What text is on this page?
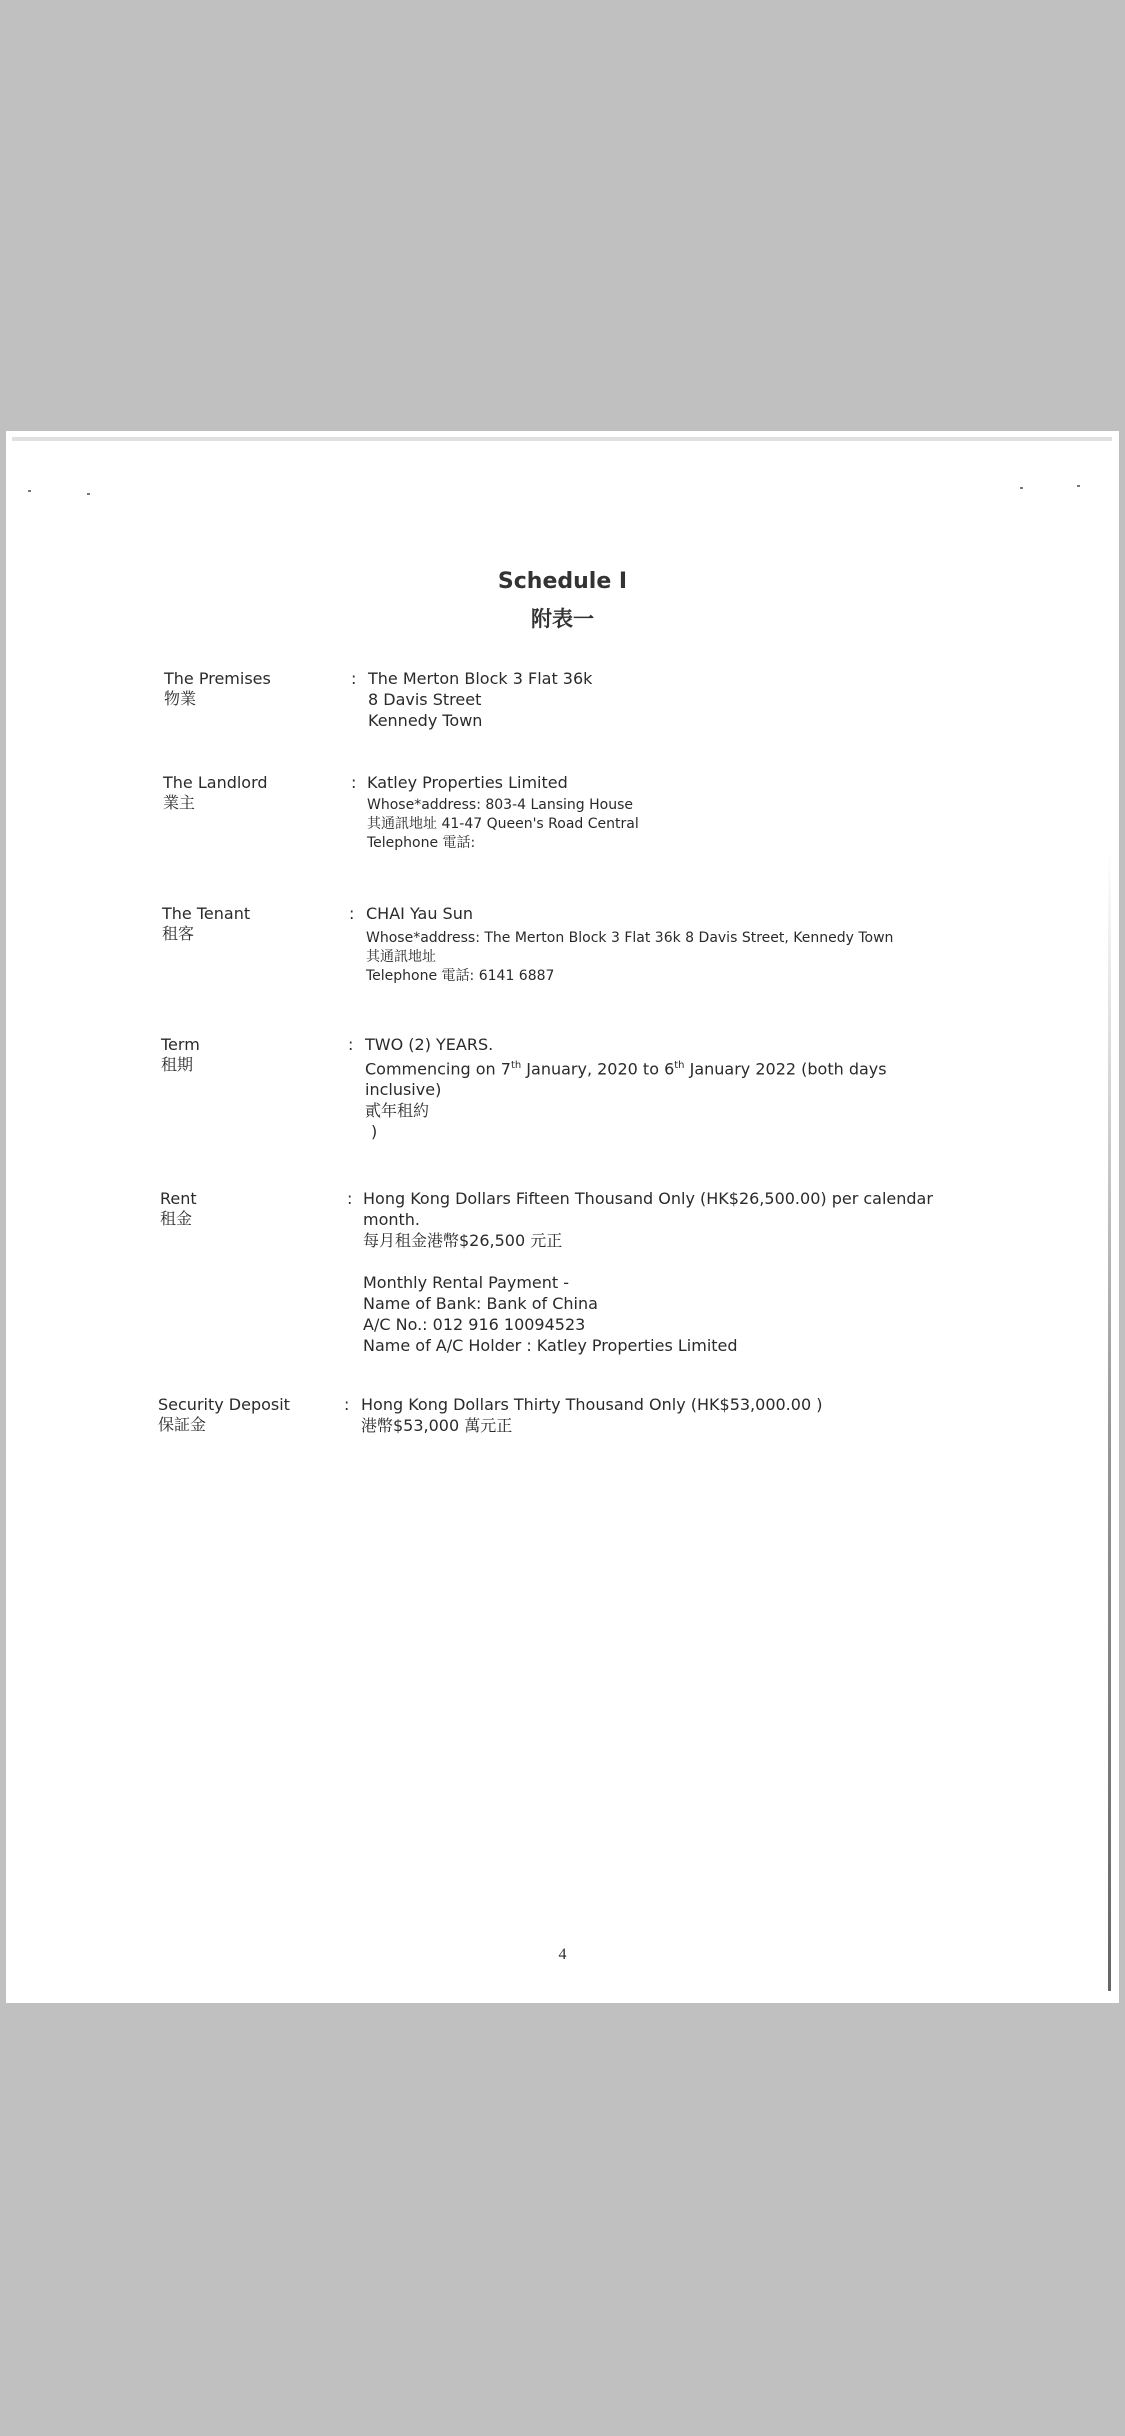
Schedule I
附表一
The Premises
物業
: The Merton Block 3 Flat 36k
8 Davis Street
Kennedy Town
The Landlord
業主
: Katley Properties Limited
Whose*address: 803-4 Lansing House
其通訊地址 41-47 Queen's Road Central
Telephone 電話:
The Tenant
租客
: CHAI Yau Sun
Whose*address: The Merton Block 3 Flat 36k 8 Davis Street, Kennedy Town
其通訊地址
Telephone 電話: 6141 6887
Term
租期
: TWO (2) YEARS.
Commencing on 7th January, 2020 to 6th January 2022 (both days
inclusive)
貳年租約
)
Rent
租金
: Hong Kong Dollars Fifteen Thousand Only (HK$26,500.00) per calendar
month.
每月租金港幣$26,500 元正
Monthly Rental Payment -
Name of Bank: Bank of China
A/C No.: 012 916 10094523
Name of A/C Holder : Katley Properties Limited
Security Deposit
保証金
: Hong Kong Dollars Thirty Thousand Only (HK$53,000.00 )
港幣$53,000 萬元正
4
